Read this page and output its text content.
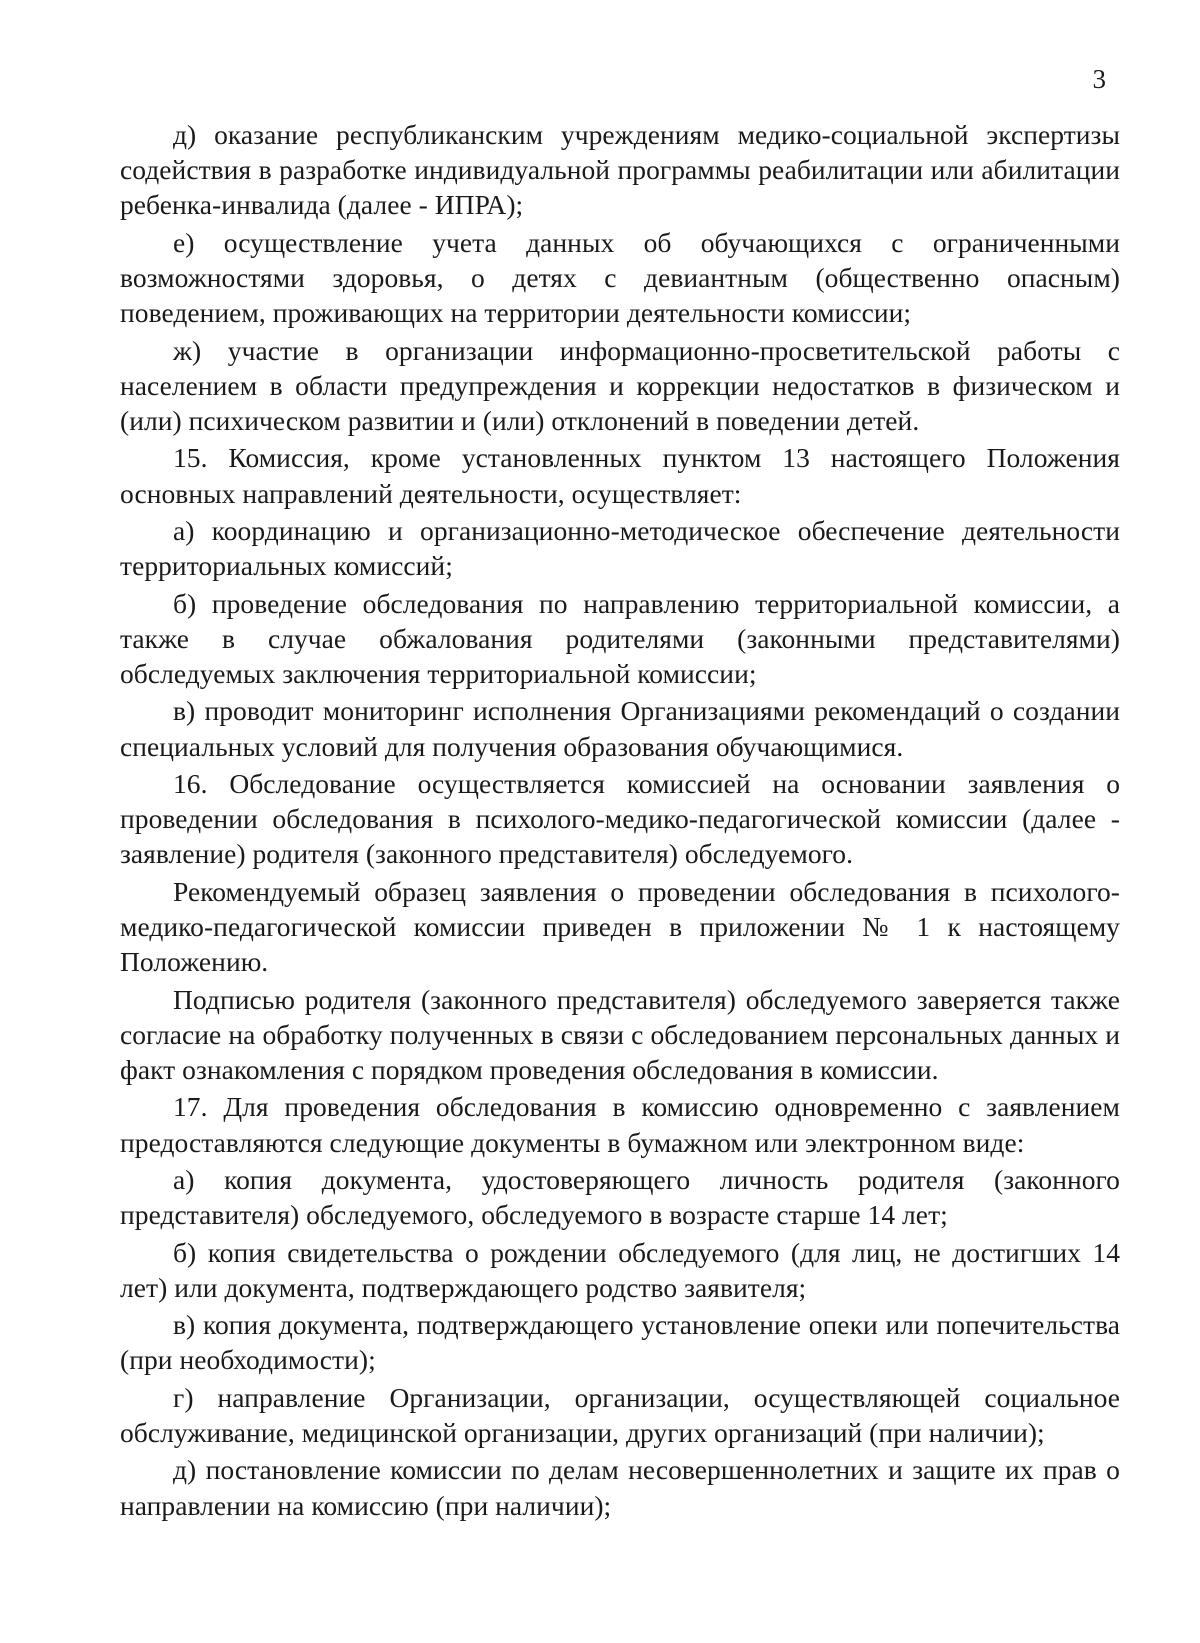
3

д) оказание республиканским учреждениям медико-социальной экспертизы содействия в разработке индивидуальной программы реабилитации или абилитации ребенка-инвалида (далее - ИПРА);

е) осуществление учета данных об обучающихся с ограниченными возможностями здоровья, о детях с девиантным (общественно опасным) поведением, проживающих на территории деятельности комиссии;

ж) участие в организации информационно-просветительской работы с населением в области предупреждения и коррекции недостатков в физическом и (или) психическом развитии и (или) отклонений в поведении детей.

15. Комиссия, кроме установленных пунктом 13 настоящего Положения основных направлений деятельности, осуществляет:

а) координацию и организационно-методическое обеспечение деятельности территориальных комиссий;

б) проведение обследования по направлению территориальной комиссии, а также в случае обжалования родителями (законными представителями) обследуемых заключения территориальной комиссии;

в) проводит мониторинг исполнения Организациями рекомендаций о создании специальных условий для получения образования обучающимися.

16. Обследование осуществляется комиссией на основании заявления о проведении обследования в психолого-медико-педагогической комиссии (далее - заявление) родителя (законного представителя) обследуемого.

Рекомендуемый образец заявления о проведении обследования в психолого-медико-педагогической комиссии приведен в приложении № 1 к настоящему Положению.

Подписью родителя (законного представителя) обследуемого заверяется также согласие на обработку полученных в связи с обследованием персональных данных и факт ознакомления с порядком проведения обследования в комиссии.

17. Для проведения обследования в комиссию одновременно с заявлением предоставляются следующие документы в бумажном или электронном виде:

а) копия документа, удостоверяющего личность родителя (законного представителя) обследуемого, обследуемого в возрасте старше 14 лет;

б) копия свидетельства о рождении обследуемого (для лиц, не достигших 14 лет) или документа, подтверждающего родство заявителя;

в) копия документа, подтверждающего установление опеки или попечительства (при необходимости);

г) направление Организации, организации, осуществляющей социальное обслуживание, медицинской организации, других организаций (при наличии);

д) постановление комиссии по делам несовершеннолетних и защите их прав о направлении на комиссию (при наличии);
